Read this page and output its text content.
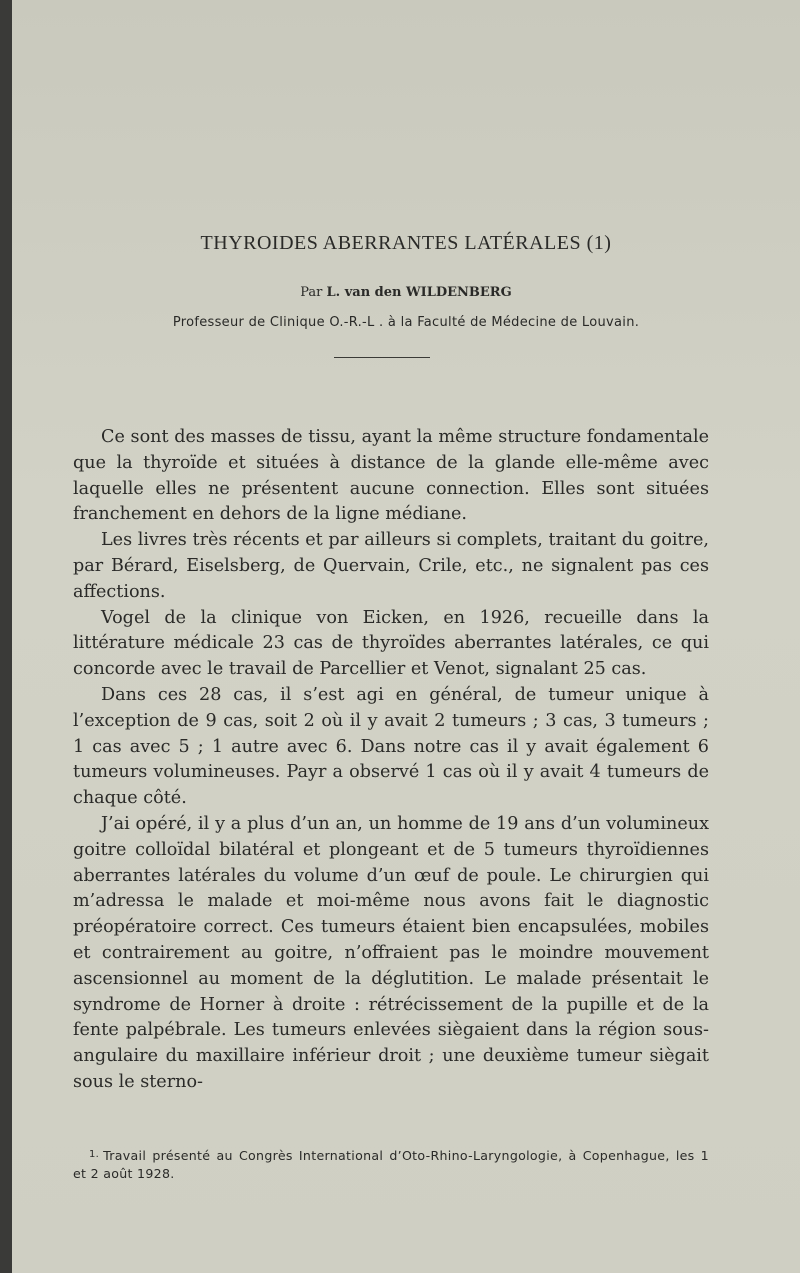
THYROIDES ABERRANTES LATÉRALES (1)
Par L. van den WILDENBERG
Professeur de Clinique O.-R.-L . à la Faculté de Médecine de Louvain.

Ce sont des masses de tissu, ayant la même structure fondamentale que la thyroïde et situées à distance de la glande elle-même avec laquelle elles ne présentent aucune connection. Elles sont situées franchement en dehors de la ligne médiane.

Les livres très récents et par ailleurs si complets, traitant du goitre, par Bérard, Eiselsberg, de Quervain, Crile, etc., ne signalent pas ces affections.

Vogel de la clinique von Eicken, en 1926, recueille dans la littérature médicale 23 cas de thyroïdes aberrantes latérales, ce qui concorde avec le travail de Parcellier et Venot, signalant 25 cas.

Dans ces 28 cas, il s’est agi en général, de tumeur unique à l’exception de 9 cas, soit 2 où il y avait 2 tumeurs ; 3 cas, 3 tumeurs ; 1 cas avec 5 ; 1 autre avec 6. Dans notre cas il y avait également 6 tumeurs volumineuses. Payr a observé 1 cas où il y avait 4 tumeurs de chaque côté.

J’ai opéré, il y a plus d’un an, un homme de 19 ans d’un volumineux goitre colloïdal bilatéral et plongeant et de 5 tumeurs thyroïdiennes aberrantes latérales du volume d’un œuf de poule. Le chirurgien qui m’adressa le malade et moi-même nous avons fait le diagnostic préopératoire correct. Ces tumeurs étaient bien encapsulées, mobiles et contrairement au goitre, n’offraient pas le moindre mouvement ascensionnel au moment de la déglutition. Le malade présentait le syndrome de Horner à droite : rétrécissement de la pupille et de la fente palpébrale. Les tumeurs enlevées siègaient dans la région sous-angulaire du maxillaire inférieur droit ; une deuxième tumeur siègait sous le sterno-

$^{1.}$ Travail présenté au Congrès International d’Oto-Rhino-Laryngologie, à Copenhague, les 1 et 2 août 1928.
